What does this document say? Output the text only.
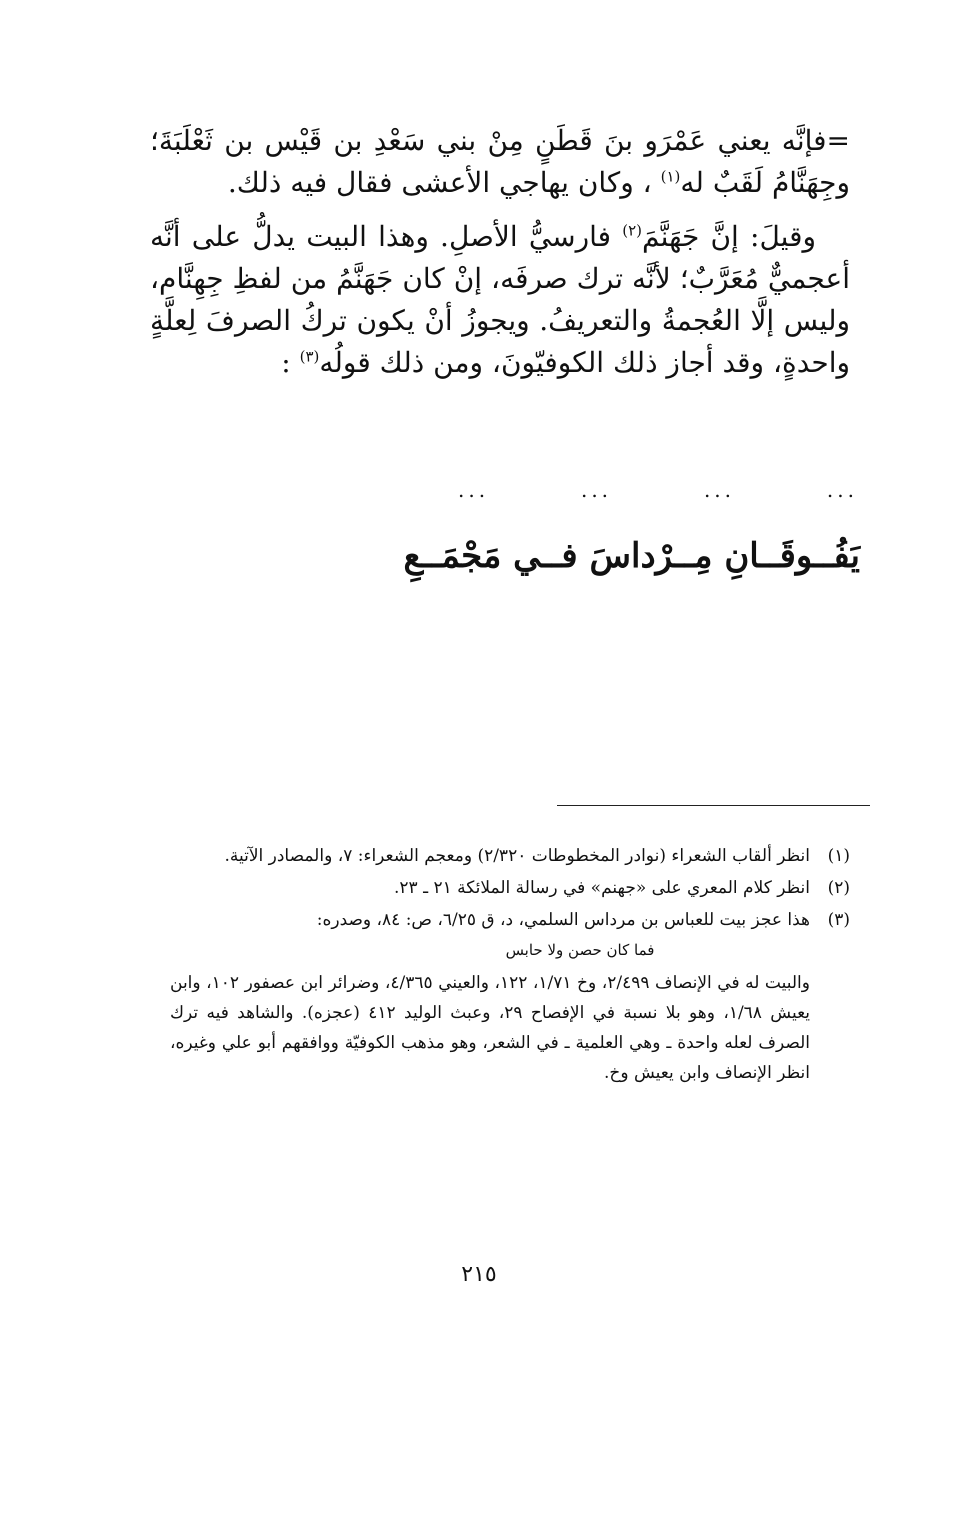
=فإنَّه يعني عَمْرَو بنَ قَطَنٍ مِنْ بني سَعْدِ بن قَيْس بن ثَعْلَبَةَ؛ وجِهَنَّامُ لَقَبٌ له$^{(١)}$ ، وكان يهاجي الأعشى فقال فيه ذلك.

وقيلَ: إنَّ جَهَنَّمَ$^{(٢)}$ فارسيُّ الأصلِ. وهذا البيت يدلُّ على أنَّه أعجميٌّ مُعَرَّبٌ؛ لأنَّه ترك صرفَه، إنْ كان جَهَنَّمُ من لفظِ جِهِنَّام، وليس إلَّا العُجمةُ والتعريفُ. ويجوزُ أنْ يكون تركُ الصرفَ لِعلَّةٍ واحدةٍ، وقد أجاز ذلك الكوفيّونَ، ومن ذلك قولُه$^{(٣)}$ :

...	...	...	...
يَفُــوقَــانِ مِــرْداسَ فــي مَجْمَــعِ
(١)
انظر ألقاب الشعراء (نوادر المخطوطات ٢/٣٢٠) ومعجم الشعراء: ٧، والمصادر الآتية.
(٢)
انظر كلام المعري على «جهنم» في رسالة الملائكة ٢١ ـ ٢٣.
(٣)
هذا عجز بيت للعباس بن مرداس السلمي، د، ق ٦/٢٥، ص: ٨٤، وصدره:
فما كان حصن ولا حابس
والبيت له في الإنصاف ٢/٤٩٩، وخ ١/٧١، ١٢٢، والعيني ٤/٣٦٥، وضرائر ابن عصفور ١٠٢، وابن يعيش ١/٦٨، وهو بلا نسبة في الإفصاح ٢٩، وعبث الوليد ٤١٢ (عجزه). والشاهد فيه ترك الصرف لعله واحدة ـ وهي العلمية ـ في الشعر، وهو مذهب الكوفيّة ووافقهم أبو علي وغيره، انظر الإنصاف وابن يعيش وخ.
٢١٥
